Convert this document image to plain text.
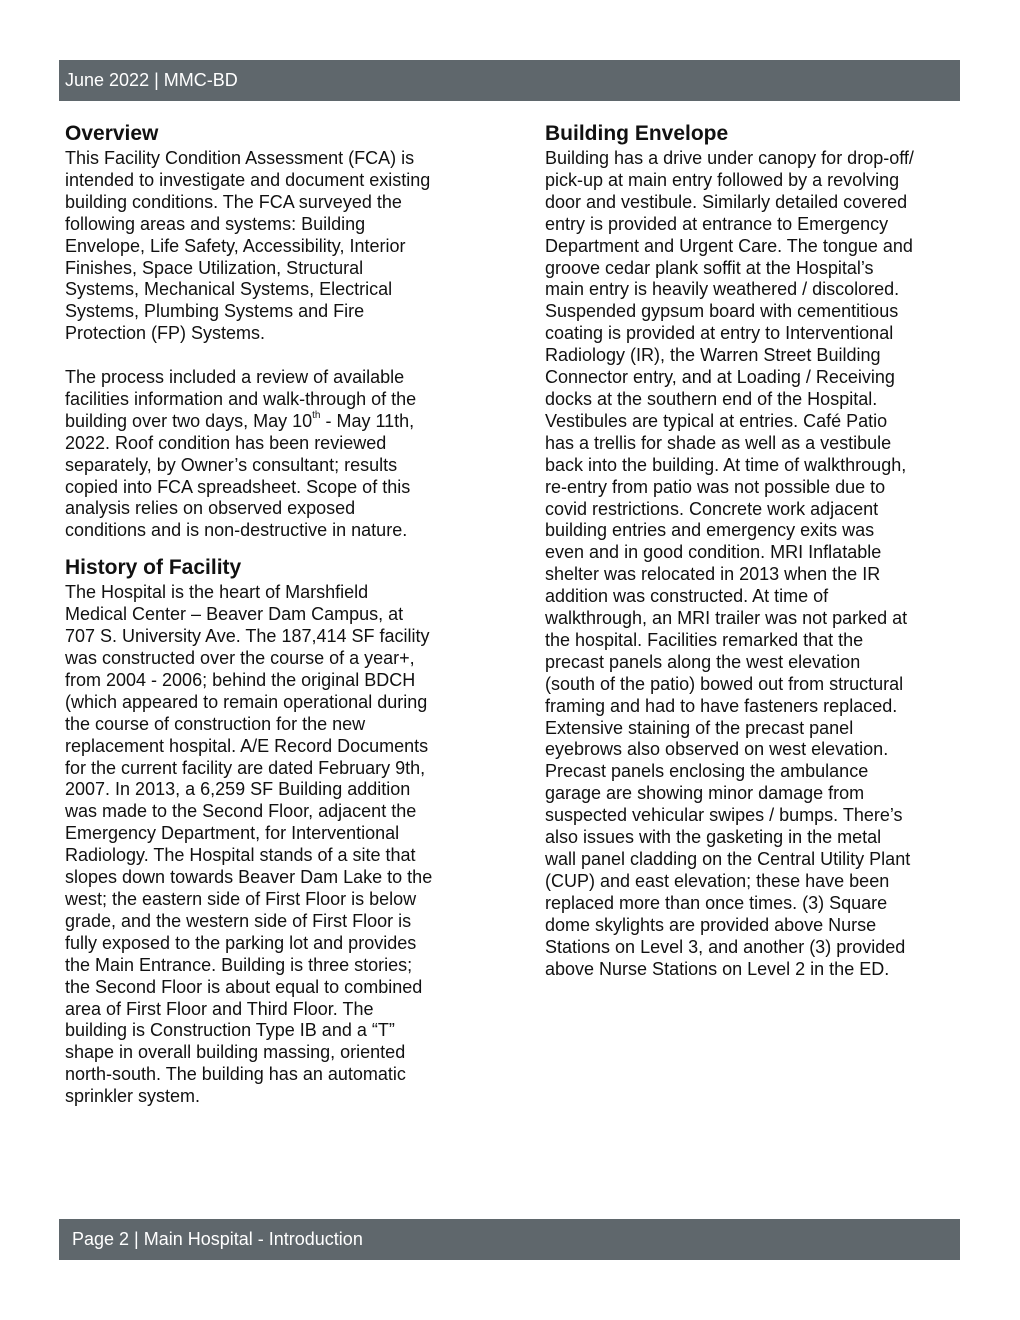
June 2022 | MMC-BD
Overview

This Facility Condition Assessment (FCA) is
intended to investigate and document existing
building conditions. The FCA surveyed the
following areas and systems: Building
Envelope, Life Safety, Accessibility, Interior
Finishes, Space Utilization, Structural
Systems, Mechanical Systems, Electrical
Systems, Plumbing Systems and Fire
Protection (FP) Systems.

The process included a review of available
facilities information and walk-through of the
building over two days, May 10th - May 11th,
2022. Roof condition has been reviewed
separately, by Owner’s consultant; results
copied into FCA spreadsheet. Scope of this
analysis relies on observed exposed
conditions and is non-destructive in nature.

History of Facility

The Hospital is the heart of Marshfield
Medical Center – Beaver Dam Campus, at
707 S. University Ave. The 187,414 SF facility
was constructed over the course of a year+,
from 2004 - 2006; behind the original BDCH
(which appeared to remain operational during
the course of construction for the new
replacement hospital. A/E Record Documents
for the current facility are dated February 9th,
2007. In 2013, a 6,259 SF Building addition
was made to the Second Floor, adjacent the
Emergency Department, for Interventional
Radiology. The Hospital stands of a site that
slopes down towards Beaver Dam Lake to the
west; the eastern side of First Floor is below
grade, and the western side of First Floor is
fully exposed to the parking lot and provides
the Main Entrance. Building is three stories;
the Second Floor is about equal to combined
area of First Floor and Third Floor. The
building is Construction Type IB and a “T”
shape in overall building massing, oriented
north-south. The building has an automatic
sprinkler system.

Building Envelope

Building has a drive under canopy for drop-off/
pick-up at main entry followed by a revolving
door and vestibule. Similarly detailed covered
entry is provided at entrance to Emergency
Department and Urgent Care. The tongue and
groove cedar plank soffit at the Hospital’s
main entry is heavily weathered / discolored.
Suspended gypsum board with cementitious
coating is provided at entry to Interventional
Radiology (IR), the Warren Street Building
Connector entry, and at Loading / Receiving
docks at the southern end of the Hospital.
Vestibules are typical at entries. Café Patio
has a trellis for shade as well as a vestibule
back into the building. At time of walkthrough,
re-entry from patio was not possible due to
covid restrictions. Concrete work adjacent
building entries and emergency exits was
even and in good condition. MRI Inflatable
shelter was relocated in 2013 when the IR
addition was constructed. At time of
walkthrough, an MRI trailer was not parked at
the hospital. Facilities remarked that the
precast panels along the west elevation
(south of the patio) bowed out from structural
framing and had to have fasteners replaced.
Extensive staining of the precast panel
eyebrows also observed on west elevation.
Precast panels enclosing the ambulance
garage are showing minor damage from
suspected vehicular swipes / bumps. There’s
also issues with the gasketing in the metal
wall panel cladding on the Central Utility Plant
(CUP) and east elevation; these have been
replaced more than once times. (3) Square
dome skylights are provided above Nurse
Stations on Level 3, and another (3) provided
above Nurse Stations on Level 2 in the ED.

Page 2 | Main Hospital - Introduction
